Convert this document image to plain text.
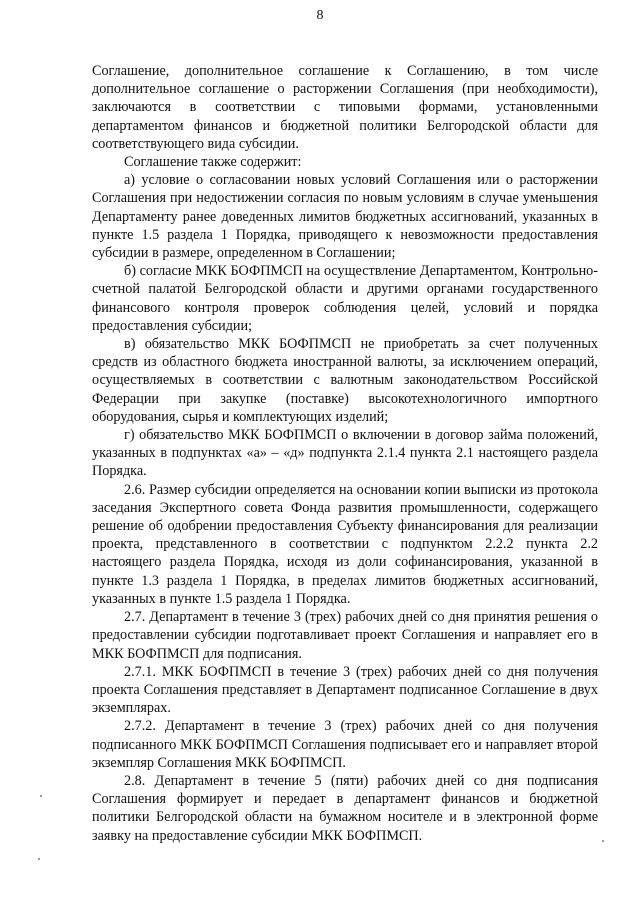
8

Соглашение, дополнительное соглашение к Соглашению, в том числе дополнительное соглашение о расторжении Соглашения (при необходимости), заключаются в соответствии с типовыми формами, установленными департаментом финансов и бюджетной политики Белгородской области для соответствующего вида субсидии.

Соглашение также содержит:

а) условие о согласовании новых условий Соглашения или о расторжении Соглашения при недостижении согласия по новым условиям в случае уменьшения Департаменту ранее доведенных лимитов бюджетных ассигнований, указанных в пункте 1.5 раздела 1 Порядка, приводящего к невозможности предоставления субсидии в размере, определенном в Соглашении;

б) согласие МКК БОФПМСП на осуществление Департаментом, Контрольно-счетной палатой Белгородской области и другими органами государственного финансового контроля проверок соблюдения целей, условий и порядка предоставления субсидии;

в) обязательство МКК БОФПМСП не приобретать за счет полученных средств из областного бюджета иностранной валюты, за исключением операций, осуществляемых в соответствии с валютным законодательством Российской Федерации при закупке (поставке) высокотехнологичного импортного оборудования, сырья и комплектующих изделий;

г) обязательство МКК БОФПМСП о включении в договор займа положений, указанных в подпунктах «а» – «д» подпункта 2.1.4 пункта 2.1 настоящего раздела Порядка.

2.6. Размер субсидии определяется на основании копии выписки из протокола заседания Экспертного совета Фонда развития промышленности, содержащего решение об одобрении предоставления Субъекту финансирования для реализации проекта, представленного в соответствии с подпунктом 2.2.2 пункта 2.2 настоящего раздела Порядка, исходя из доли софинансирования, указанной в пункте 1.3 раздела 1 Порядка, в пределах лимитов бюджетных ассигнований, указанных в пункте 1.5 раздела 1 Порядка.

2.7. Департамент в течение 3 (трех) рабочих дней со дня принятия решения о предоставлении субсидии подготавливает проект Соглашения и направляет его в МКК БОФПМСП для подписания.

2.7.1. МКК БОФПМСП в течение 3 (трех) рабочих дней со дня получения проекта Соглашения представляет в Департамент подписанное Соглашение в двух экземплярах.

2.7.2. Департамент в течение 3 (трех) рабочих дней со дня получения подписанного МКК БОФПМСП Соглашения подписывает его и направляет второй экземпляр Соглашения МКК БОФПМСП.

2.8. Департамент в течение 5 (пяти) рабочих дней со дня подписания Соглашения формирует и передает в департамент финансов и бюджетной политики Белгородской области на бумажном носителе и в электронной форме заявку на предоставление субсидии МКК БОФПМСП.
